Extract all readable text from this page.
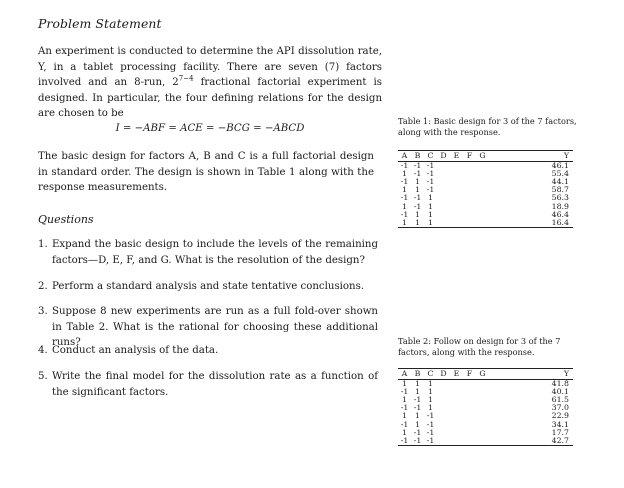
Problem Statement
An experiment is conducted to determine the API dissolution rate, Y, in a tablet processing facility. There are seven (7) factors involved and an 8-run, $2^{7-4}$ fractional factorial experiment is designed. In particular, the four defining relations for the design are chosen to be
I = −ABF = ACE = −BCG = −ABCD
The basic design for factors A, B and C is a full factorial design in standard order. The design is shown in Table 1 along with the response measurements.
Questions
1. Expand the basic design to include the levels of the remaining factors—D, E, F, and G. What is the resolution of the design?
2. Perform a standard analysis and state tentative conclusions.
3. Suppose 8 new experiments are run as a full fold-over shown in Table 2. What is the rational for choosing these additional runs?
4. Conduct an analysis of the data.
5. Write the final model for the dissolution rate as a function of the significant factors.
Table 1: Basic design for 3 of the 7 factors, along with the response.
A	B	C	D	E	F	G	Y
-1	-1	-1					46.1
1	-1	-1					55.4
-1	1	-1					44.1
1	1	-1					58.7
-1	-1	1					56.3
1	-1	1					18.9
-1	1	1					46.4
1	1	1					16.4
Table 2: Follow on design for 3 of the 7 factors, along with the response.
A	B	C	D	E	F	G	Y
1	1	1					41.8
-1	1	1					40.1
1	-1	1					61.5
-1	-1	1					37.0
1	1	-1					22.9
-1	1	-1					34.1
1	-1	-1					17.7
-1	-1	-1					42.7
